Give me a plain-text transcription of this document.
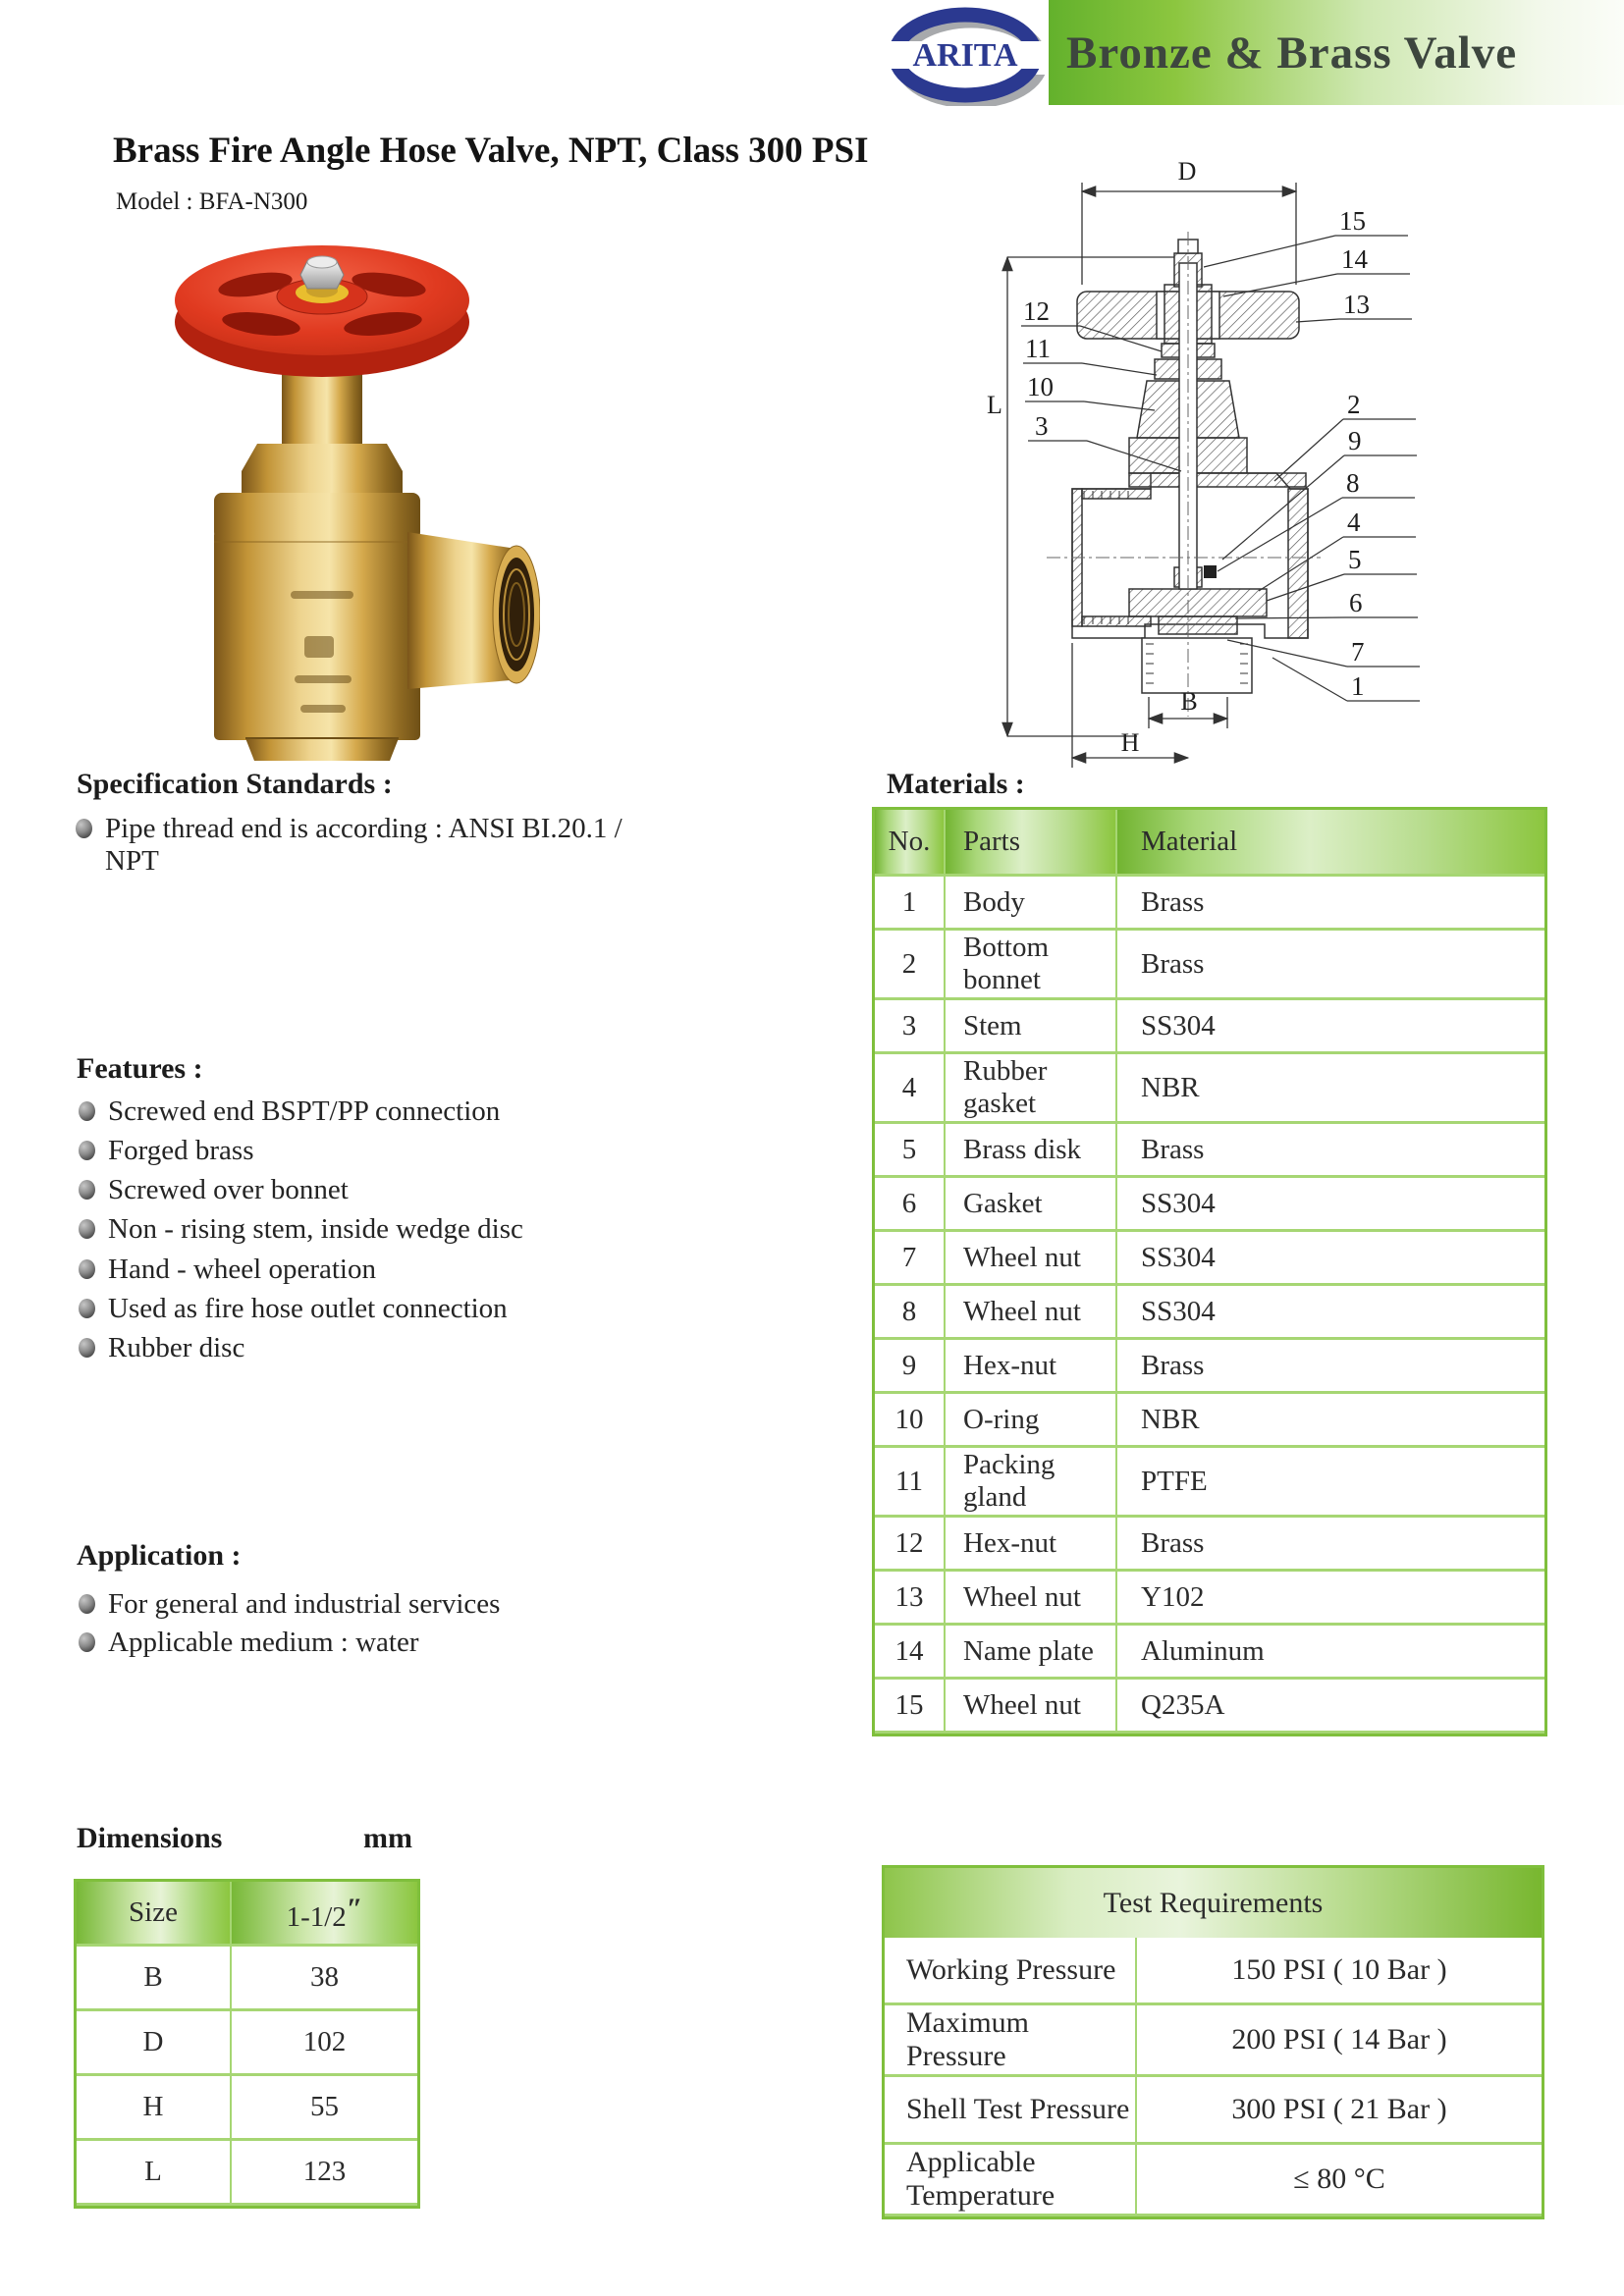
Bronze & Brass Valve
ARITA
Brass Fire Angle Hose Valve, NPT, Class 300 PSI
Model : BFA-N300
D
L
B
H
12
11
10
3
15
14
13
2
9
8
4
5
6
7
1
Specification Standards :
Pipe thread end is according : ANSI BI.20.1 / NPT
Features :
Screwed end BSPT/PP connection
Forged brass
Screwed over bonnet
Non - rising stem, inside wedge disc
Hand - wheel operation
Used as fire hose outlet connection
Rubber disc
Application :
For general and industrial services
Applicable medium : water
Materials :
No.	Parts	Material
1	Body	Brass
2	Bottom bonnet	Brass
3	Stem	SS304
4	Rubber gasket	NBR
5	Brass disk	Brass
6	Gasket	SS304
7	Wheel nut	SS304
8	Wheel nut	SS304
9	Hex-nut	Brass
10	O-ring	NBR
11	Packing gland	PTFE
12	Hex-nut	Brass
13	Wheel nut	Y102
14	Name plate	Aluminum
15	Wheel nut	Q235A
Dimensions	mm
Size	1-1/2″
B	38
D	102
H	55
L	123
Test Requirements	
Working Pressure	150 PSI ( 10 Bar )
Maximum Pressure	200 PSI ( 14 Bar )
Shell Test Pressure	300 PSI ( 21 Bar )
Applicable Temperature	≤ 80 °C
